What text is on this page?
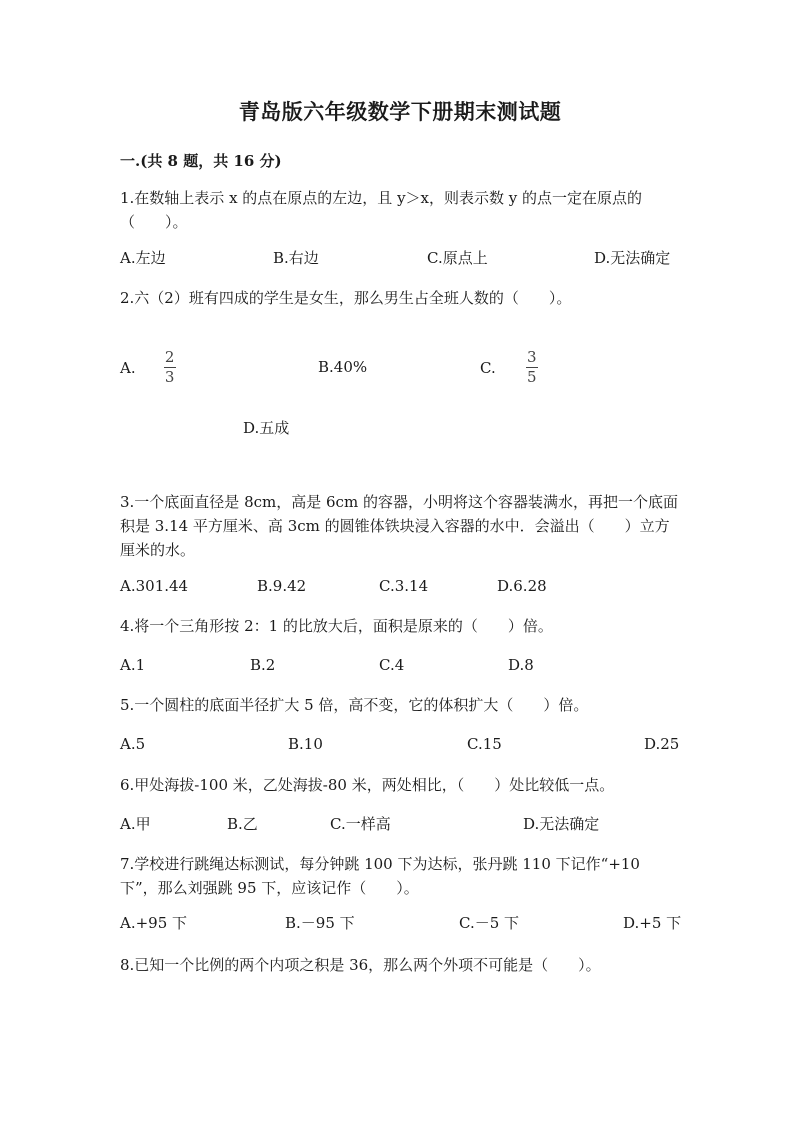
青岛版六年级数学下册期末测试题
一.(共 8 题，共 16 分)
1.在数轴上表示 x 的点在原点的左边，且 y＞x，则表示数 y 的点一定在原点的（　　）。
A.左边	B.右边	C.原点上	D.无法确定
2.六（2）班有四成的学生是女生，那么男生占全班人数的（　　）。
A. $\frac{2}{3}$	B.40%	C. $\frac{3}{5}$
D.五成
3.一个底面直径是 8cm，高是 6cm 的容器，小明将这个容器装满水，再把一个底面积是 3.14 平方厘米、高 3cm 的圆锥体铁块浸入容器的水中．会溢出（　　）立方厘米的水。
A.301.44	B.9.42	C.3.14	D.6.28
4.将一个三角形按 2：1 的比放大后，面积是原来的（　　）倍。
A.1	B.2	C.4	D.8
5.一个圆柱的底面半径扩大 5 倍，高不变，它的体积扩大（　　）倍。
A.5	B.10	C.15	D.25
6.甲处海拔-100 米，乙处海拔-80 米，两处相比，（　　）处比较低一点。
A.甲	B.乙	C.一样高	D.无法确定
7.学校进行跳绳达标测试，每分钟跳 100 下为达标，张丹跳 110 下记作“+10 下”，那么刘强跳 95 下，应该记作（　　）。
A.+95 下	B.－95 下	C.－5 下	D.+5 下
8.已知一个比例的两个内项之积是 36，那么两个外项不可能是（　　）。
